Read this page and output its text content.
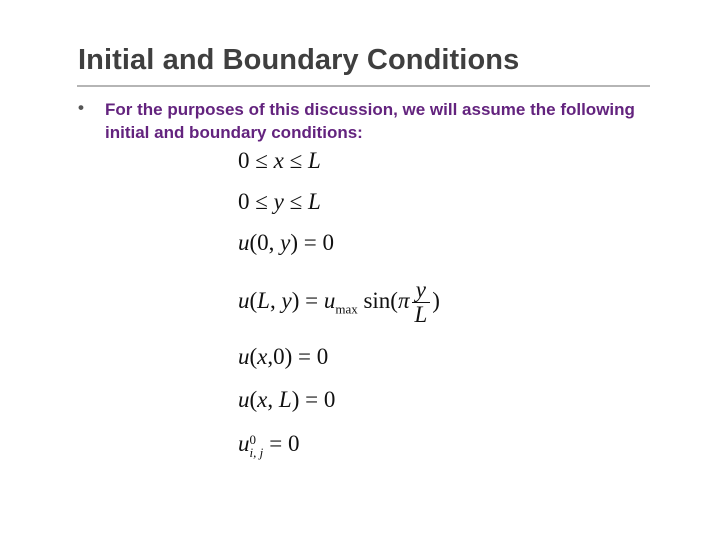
Initial and Boundary Conditions
• For the purposes of this discussion, we will assume the following initial and boundary conditions:
0 ≤ x ≤ L
0 ≤ y ≤ L
u(0, y) = 0
u(L, $y) = u_{max}$ $\sin(\pi \frac{y}{L}$ )
u(x,0) = 0
u(x, L) = 0
u 0
i, j = 0
